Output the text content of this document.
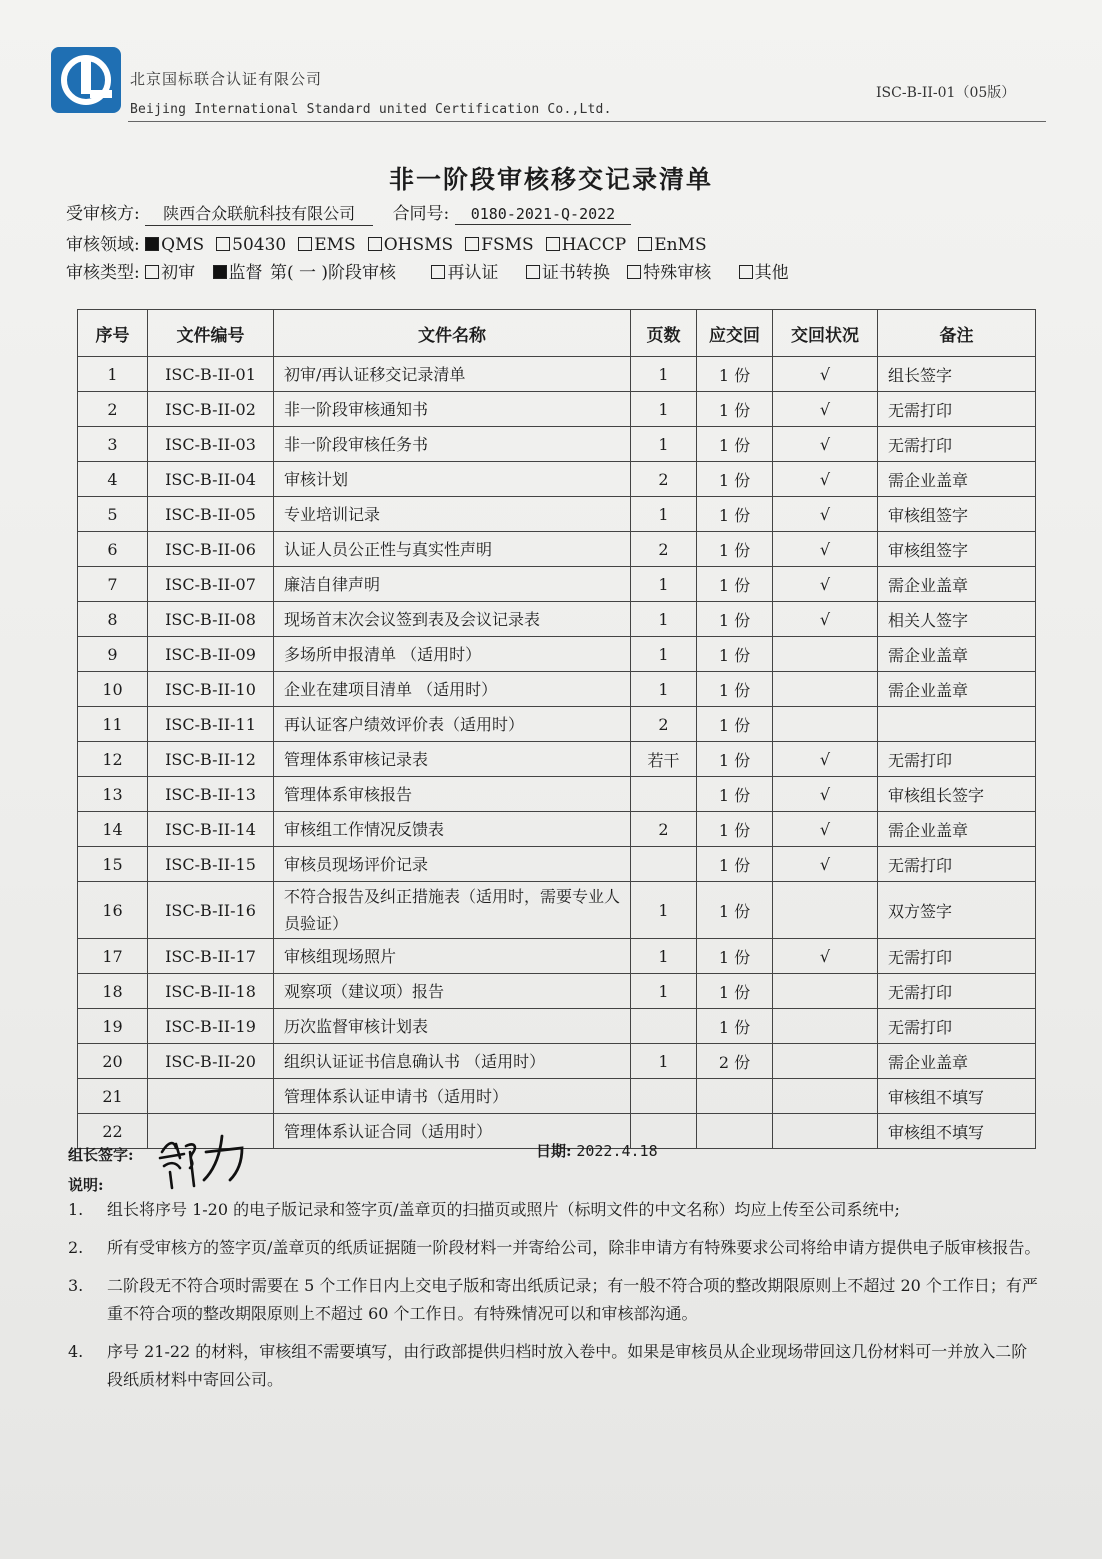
北京国标联合认证有限公司
Beijing International Standard united Certification Co.,Ltd.
ISC-B-II-01（05版）
非一阶段审核移交记录清单
受审核方: 陕西合众联航科技有限公司 合同号: 0180-2021-Q-2022
审核领域: QMS 50430 EMS OHSMS FSMS HACCP EnMS
审核类型: 初审 监督 第( 一 )阶段审核	再认证	证书转换 特殊审核	其他
序号	文件编号	文件名称	页数	应交回	交回状况	备注
1	ISC-B-II-01	初审/再认证移交记录清单	1	1 份	√	组长签字
2	ISC-B-II-02	非一阶段审核通知书	1	1 份	√	无需打印
3	ISC-B-II-03	非一阶段审核任务书	1	1 份	√	无需打印
4	ISC-B-II-04	审核计划	2	1 份	√	需企业盖章
5	ISC-B-II-05	专业培训记录	1	1 份	√	审核组签字
6	ISC-B-II-06	认证人员公正性与真实性声明	2	1 份	√	审核组签字
7	ISC-B-II-07	廉洁自律声明	1	1 份	√	需企业盖章
8	ISC-B-II-08	现场首末次会议签到表及会议记录表	1	1 份	√	相关人签字
9	ISC-B-II-09	多场所申报清单 （适用时）	1	1 份		需企业盖章
10	ISC-B-II-10	企业在建项目清单 （适用时）	1	1 份		需企业盖章
11	ISC-B-II-11	再认证客户绩效评价表（适用时）	2	1 份		
12	ISC-B-II-12	管理体系审核记录表	若干	1 份	√	无需打印
13	ISC-B-II-13	管理体系审核报告		1 份	√	审核组长签字
14	ISC-B-II-14	审核组工作情况反馈表	2	1 份	√	需企业盖章
15	ISC-B-II-15	审核员现场评价记录		1 份	√	无需打印
16	ISC-B-II-16	不符合报告及纠正措施表（适用时，需要专业人员验证）	1	1 份		双方签字
17	ISC-B-II-17	审核组现场照片	1	1 份	√	无需打印
18	ISC-B-II-18	观察项（建议项）报告	1	1 份		无需打印
19	ISC-B-II-19	历次监督审核计划表		1 份		无需打印
20	ISC-B-II-20	组织认证证书信息确认书 （适用时）	1	2 份		需企业盖章
21		管理体系认证申请书（适用时）				审核组不填写
22		管理体系认证合同（适用时）				审核组不填写
组长签字:	日期: 2022.4.18
说明:
1. 组长将序号 1-20 的电子版记录和签字页/盖章页的扫描页或照片（标明文件的中文名称）均应上传至公司系统中;
2. 所有受审核方的签字页/盖章页的纸质证据随一阶段材料一并寄给公司，除非申请方有特殊要求公司将给申请方提供电子版审核报告。
3. 二阶段无不符合项时需要在 5 个工作日内上交电子版和寄出纸质记录；有一般不符合项的整改期限原则上不超过 20 个工作日；有严重不符合项的整改期限原则上不超过 60 个工作日。有特殊情况可以和审核部沟通。
4. 序号 21-22 的材料，审核组不需要填写，由行政部提供归档时放入卷中。如果是审核员从企业现场带回这几份材料可一并放入二阶段纸质材料中寄回公司。
